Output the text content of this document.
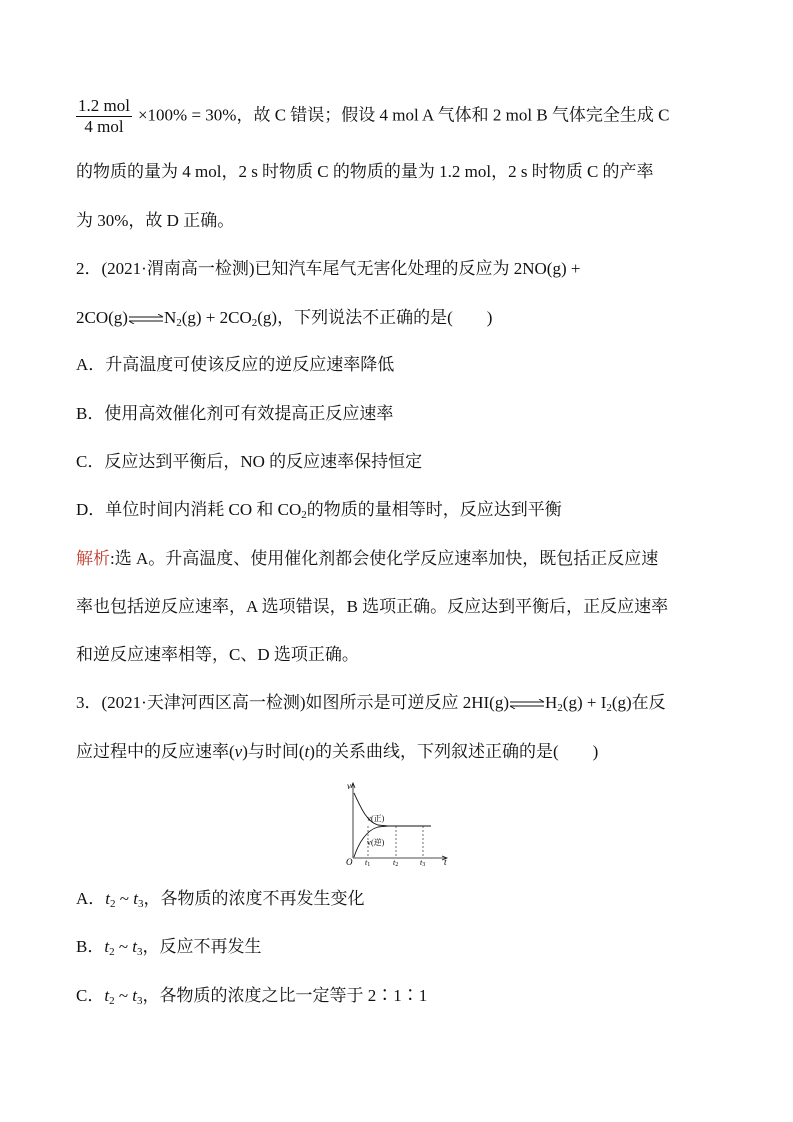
$\frac{\text{1.2 mol}}{\text{4 mol}} \times 100\% = 30\%$，故 C 错误；假设 4 mol A 气体和 2 mol B 气体完全生成 C
的物质的量为 4 mol，2 s 时物质 C 的物质的量为 1.2 mol，2 s 时物质 C 的产率
为 30%，故 D 正确。
2．(2021·渭南高一检测)已知汽车尾气无害化处理的反应为 2NO(g) +
$2CO(g)\rightleftharpoons N_2(g) + 2CO_2(g)$，下列说法不正确的是(　　)
A．升高温度可使该反应的逆反应速率降低
B．使用高效催化剂可有效提高正反应速率
C．反应达到平衡后，NO 的反应速率保持恒定
D．单位时间内消耗 CO 和 $CO_2$的物质的量相等时，反应达到平衡
解析:选 A。升高温度、使用催化剂都会使化学反应速率加快，既包括正反应速
率也包括逆反应速率，A 选项错误，B 选项正确。反应达到平衡后，正反应速率
和逆反应速率相等，C、D 选项正确。
3．(2021·天津河西区高一检测)如图所示是可逆反应 $2HI(g)\rightleftharpoons H_2(g) + I_2(g)$在反
应过程中的反应速率(v)与时间(t)的关系曲线，下列叙述正确的是(　　)
v
t
O
v(正)
v(逆)
t1	t2	t3
A．$t_2$ ~ $t_3$，各物质的浓度不再发生变化
B．$t_2$ ~ $t_3$，反应不再发生
C．$t_2$ ~ $t_3$，各物质的浓度之比一定等于 2∶1∶1
